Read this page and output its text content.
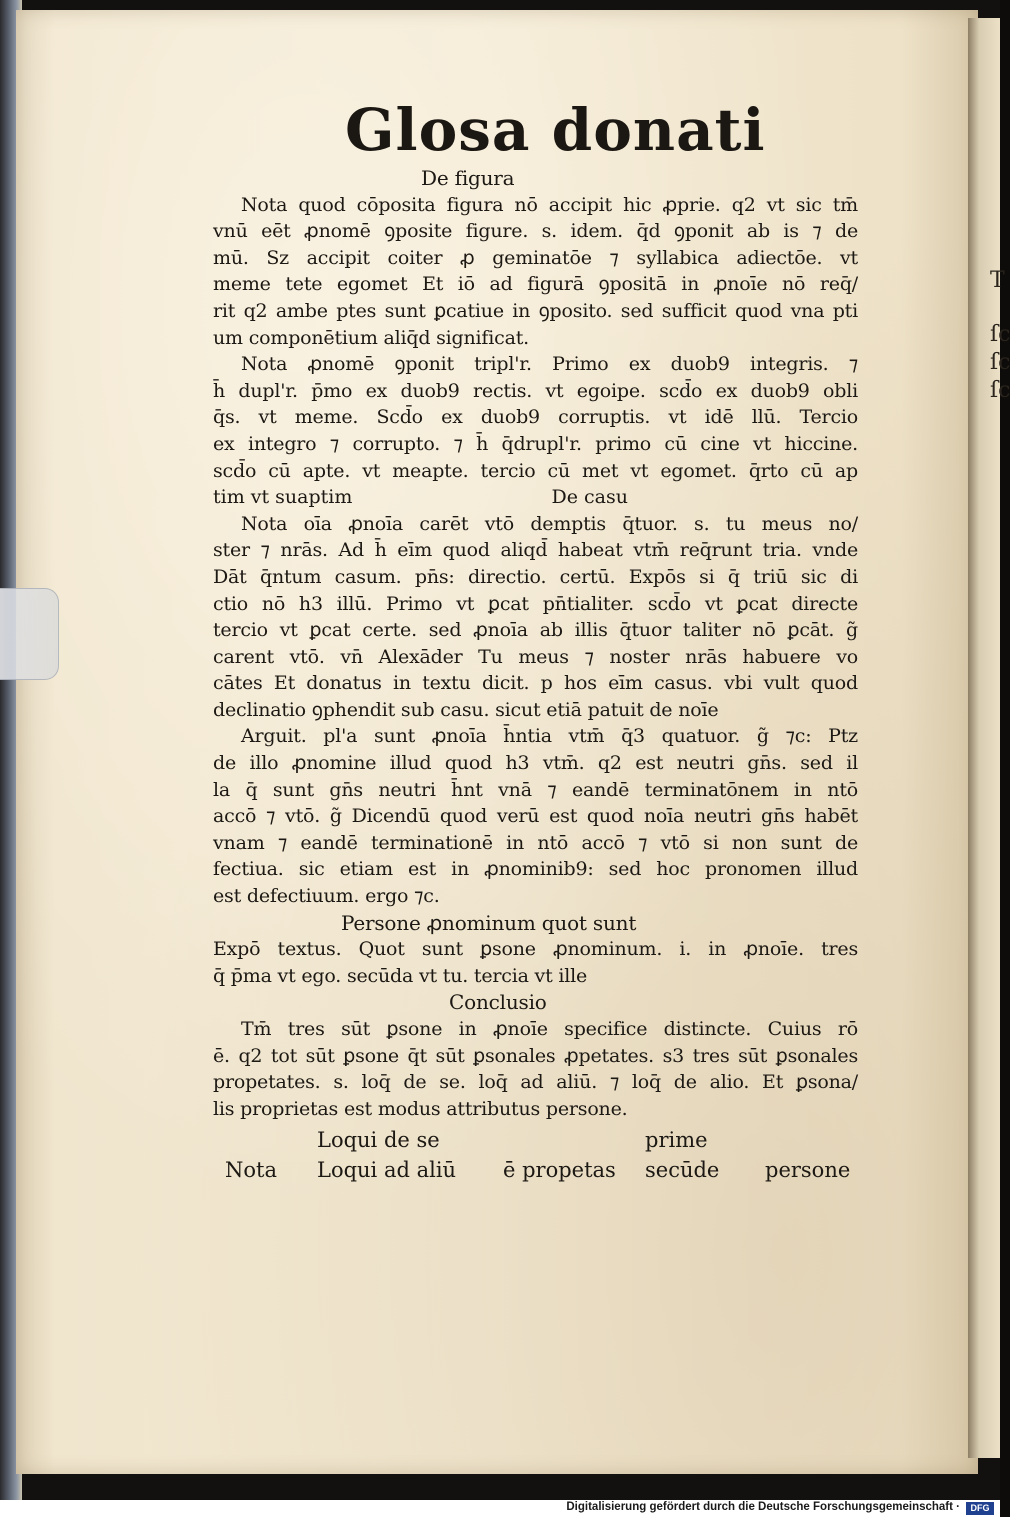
T
ſc
ſc
ſc
Glosa donati
De figura
Nota quod cōposita figura nō accipit hic ꝓprie. q2 vt sic tm̄
vnū eēt ꝓnomē ꝯposite figure. s. idem. q̄d ꝯponit ab is ⁊ de
mū. Sz accipit coiter ꝓ geminatōe ⁊ syllabica adiectōe. vt
meme tete egomet Et iō ad figurā ꝯpositā in ꝓnoīe nō req̄/
rit q2 ambe ptes sunt ꝑcatiue in ꝯposito. sed sufficit quod vna pti
um componētium aliq̄d significat.
Nota ꝓnomē ꝯponit tripl'r. Primo ex duob9 integris. ⁊
h̄ dupl'r. p̄mo ex duob9 rectis. vt egoipe. scd̄o ex duob9 obli
q̄s. vt meme. Scd̄o ex duob9 corruptis. vt idē llū. Tercio
ex integro ⁊ corrupto. ⁊ h̄ q̄drupl'r. primo cū cine vt hiccine.
scd̄o cū apte. vt meapte. tercio cū met vt egomet. q̄rto cū ap
tim vt suaptim	De casu
Nota oīa ꝓnoīa carēt vtō demptis q̄tuor. s. tu meus no/
ster ⁊ nrās. Ad h̄ eīm quod aliqd̄ habeat vtm̄ req̄runt tria. vnde
Dāt q̄ntum casum. pn̄s: directio. certū. Expōs si q̄ triū sic di
ctio nō h3 illū. Primo vt ꝑcat pn̄tialiter. scd̄o vt ꝑcat directe
tercio vt ꝑcat certe. sed ꝓnoīa ab illis q̄tuor taliter nō ꝑcāt. g̃
carent vtō. vn̄ Alexāder Tu meus ⁊ noster nrās habuere vo
cātes Et donatus in textu dicit. p hos eīm casus. vbi vult quod
declinatio ꝯphendit sub casu. sicut etiā patuit de noīe
Arguit. pl'a sunt ꝓnoīa h̄ntia vtm̄ q̄3 quatuor. g̃ ⁊c: Ptz
de illo ꝓnomine illud quod h3 vtm̄. q2 est neutri gn̄s. sed il
la q̄ sunt gn̄s neutri h̄nt vnā ⁊ eandē terminatōnem in ntō
accō ⁊ vtō. g̃ Dicendū quod verū est quod noīa neutri gn̄s habēt
vnam ⁊ eandē terminationē in ntō accō ⁊ vtō si non sunt de
fectiua. sic etiam est in ꝓnominib9: sed hoc pronomen illud
est defectiuum. ergo ⁊c.
Persone ꝓnominum quot sunt
Expō textus. Quot sunt ꝑsone ꝓnominum. i. in ꝓnoīe. tres
q̄ p̄ma vt ego. secūda vt tu. tercia vt ille
Conclusio
Tm̄ tres sūt ꝑsone in ꝓnoīe specifice distincte. Cuius rō
ē. q2 tot sūt ꝑsone q̄t sūt ꝑsonales ꝓpetates. s3 tres sūt ꝑsonales
propetates. s. loq̄ de se. loq̄ ad aliū. ⁊ loq̄ de alio. Et ꝑsona/
lis proprietas est modus attributus persone.
Nota
Loqui de se
Loqui ad aliū ē propetas
prime
secūde persone
Digitalisierung gefördert durch die Deutsche Forschungsgemeinschaft ·	DFG
